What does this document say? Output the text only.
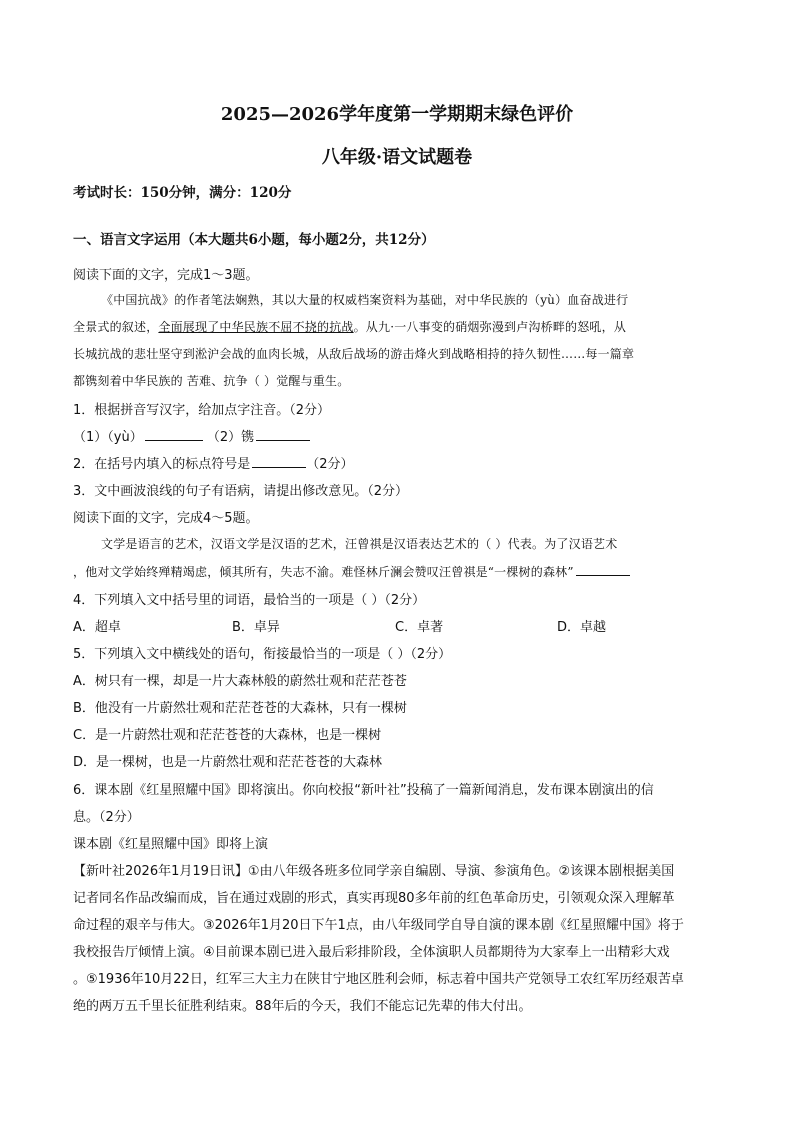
2025—2026学年度第一学期期末绿色评价
八年级·语文试题卷
考试时长：150分钟，满分：120分
一、语言文字运用（本大题共6小题，每小题2分，共12分）
阅读下面的文字，完成1～3题。
《中国抗战》的作者笔法娴熟，其以大量的权威档案资料为基础，对中华民族的（yù）血奋战进行
全景式的叙述，全面展现了中华民族不屈不挠的抗战。从九·一八事变的硝烟弥漫到卢沟桥畔的怒吼，从
长城抗战的悲壮坚守到淞沪会战的血肉长城，从敌后战场的游击烽火到战略相持的持久韧性……每一篇章
都镌刻着中华民族的 苦难、抗争（ ）觉醒与重生。
1．根据拼音写汉字，给加点字注音。（2分）
（1）（yù）	（2）镌
2．在括号内填入的标点符号是	（2分）
3．文中画波浪线的句子有语病，请提出修改意见。（2分）
阅读下面的文字，完成4～5题。
文学是语言的艺术，汉语文学是汉语的艺术，汪曾祺是汉语表达艺术的（ ）代表。为了汉语艺术
，他对文学始终殚精竭虑，倾其所有，失志不渝。难怪林斤澜会赞叹汪曾祺是“一棵树的森林”
4．下列填入文中括号里的词语，最恰当的一项是（ ）（2分）
A．超卓	B．卓异	C．卓著	D．卓越
5．下列填入文中横线处的语句，衔接最恰当的一项是（ ）（2分）
A．树只有一棵，却是一片大森林般的蔚然壮观和茫茫苍苍
B．他没有一片蔚然壮观和茫茫苍苍的大森林，只有一棵树
C．是一片蔚然壮观和茫茫苍苍的大森林，也是一棵树
D．是一棵树，也是一片蔚然壮观和茫茫苍苍的大森林
6．课本剧《红星照耀中国》即将演出。你向校报“新叶社”投稿了一篇新闻消息，发布课本剧演出的信
息。（2分）
课本剧《红星照耀中国》即将上演
【新叶社2026年1月19日讯】①由八年级各班多位同学亲自编剧、导演、参演角色。②该课本剧根据美国
记者同名作品改编而成，旨在通过戏剧的形式，真实再现80多年前的红色革命历史，引领观众深入理解革
命过程的艰辛与伟大。③2026年1月20日下午1点，由八年级同学自导自演的课本剧《红星照耀中国》将于
我校报告厅倾情上演。④目前课本剧已进入最后彩排阶段，全体演职人员都期待为大家奉上一出精彩大戏
。⑤1936年10月22日，红军三大主力在陕甘宁地区胜利会师，标志着中国共产党领导工农红军历经艰苦卓
绝的两万五千里长征胜利结束。88年后的今天，我们不能忘记先辈的伟大付出。
